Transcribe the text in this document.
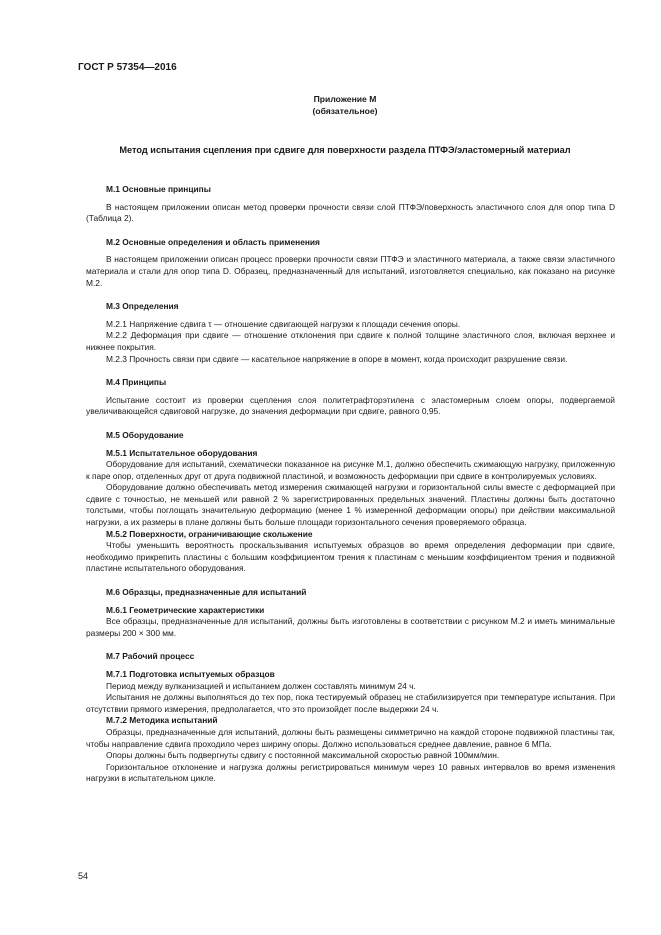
ГОСТ Р 57354—2016
Приложение М
(обязательное)
Метод испытания сцепления при сдвиге для поверхности раздела ПТФЭ/эластомерный материал
М.1 Основные принципы

В настоящем приложении описан метод проверки прочности связи слой ПТФЭ/поверхность эластичного слоя для опор типа D (Таблица 2).

М.2 Основные определения и область применения

В настоящем приложении описан процесс проверки прочности связи ПТФЭ и эластичного материала, а также связи эластичного материала и стали для опор типа D. Образец, предназначенный для испытаний, изготовляется специально, как показано на рисунке М.2.

М.3 Определения

М.2.1 Напряжение сдвига τ — отношение сдвигающей нагрузки к площади сечения опоры.

М.2.2 Деформация при сдвиге — отношение отклонения при сдвиге к полной толщине эластичного слоя, включая верхнее и нижнее покрытия.

М.2.3 Прочность связи при сдвиге — касательное напряжение в опоре в момент, когда происходит разрушение связи.

М.4 Принципы

Испытание состоит из проверки сцепления слоя политетрафторэтилена с эластомерным слоем опоры, подвергаемой увеличивающейся сдвиговой нагрузке, до значения деформации при сдвиге, равного 0,95.

М.5 Оборудование
М.5.1 Испытательное оборудования

Оборудование для испытаний, схематически показанное на рисунке М.1, должно обеспечить сжимающую нагрузку, приложенную к паре опор, отделенных друг от друга подвижной пластиной, и возможность деформации при сдвиге в контролируемых условиях.

Оборудование должно обеспечивать метод измерения сжимающей нагрузки и горизонтальной силы вместе с деформацией при сдвиге с точностью, не меньшей или равной 2 % зарегистрированных предельных значений. Пластины должны быть достаточно толстыми, чтобы поглощать значительную деформацию (менее 1 % измеренной деформации опоры) при действии максимальной нагрузки, а их размеры в плане должны быть больше площади горизонтального сечения проверяемого образца.

М.5.2 Поверхности, ограничивающие скольжение

Чтобы уменьшить вероятность проскальзывания испытуемых образцов во время определения деформации при сдвиге, необходимо прикрепить пластины с большим коэффициентом трения к пластинам с меньшим коэффициентом трения и подвижной пластине испытательного оборудования.

М.6 Образцы, предназначенные для испытаний
М.6.1 Геометрические характеристики

Все образцы, предназначенные для испытаний, должны быть изготовлены в соответствии с рисунком М.2 и иметь минимальные размеры 200 × 300 мм.

М.7 Рабочий процесс
М.7.1 Подготовка испытуемых образцов

Период между вулканизацией и испытанием должен составлять минимум 24 ч.

Испытания не должны выполняться до тех пор, пока тестируемый образец не стабилизируется при температуре испытания. При отсутствии прямого измерения, предполагается, что это произойдет после выдержки 24 ч.

М.7.2 Методика испытаний

Образцы, предназначенные для испытаний, должны быть размещены симметрично на каждой стороне подвижной пластины так, чтобы направление сдвига проходило через ширину опоры. Должно использоваться среднее давление, равное 6 МПа.

Опоры должны быть подвергнуты сдвигу с постоянной максимальной скоростью равной 100мм/мин.

Горизонтальное отклонение и нагрузка должны регистрироваться минимум через 10 равных интервалов во время изменения нагрузки в испытательном цикле.

54
